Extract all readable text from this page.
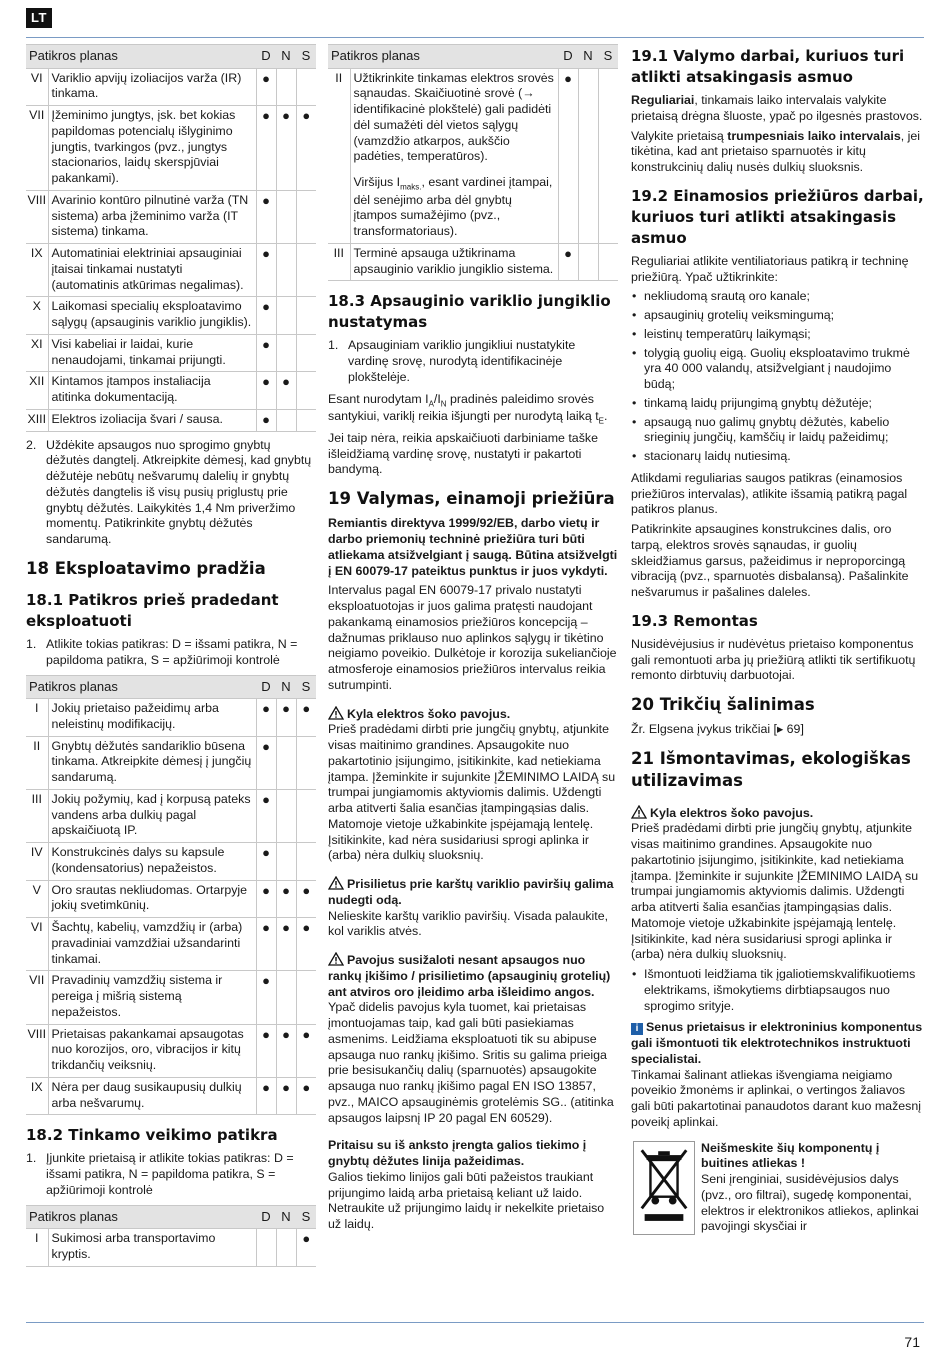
LT
Patikros planas		D	N	S
VI	Variklio apvijų izoliacijos varža (IR) tinkama.	●		
VII	Įžeminimo jungtys, įsk. bet kokias papildomas potencialų išlyginimo jungtis, tvarkingos (pvz., jungtys stacionarios, laidų skerspjūviai pakankami).	●	●	●
VIII	Avarinio kontūro pilnutinė varža (TN sistema) arba įžeminimo varža (IT sistema) tinkama.	●		
IX	Automatiniai elektriniai apsauginiai įtaisai tinkamai nustatyti (automatinis atkūrimas negalimas).	●		
X	Laikomasi specialių eksploatavimo sąlygų (apsauginis variklio jungiklis).	●		
XI	Visi kabeliai ir laidai, kurie nenaudojami, tinkamai prijungti.	●		
XII	Kintamos įtampos instaliacija atitinka dokumentaciją.	●	●	
XIII	Elektros izoliacija švari / sausa.	●		
2. Uždėkite apsaugos nuo sprogimo gnybtų dėžutės dangtelį. Atkreipkite dėmesį, kad gnybtų dėžutėje nebūtų nešvarumų dalelių ir gnybtų dėžutės dangtelis iš visų pusių priglustų prie gnybtų dėžutės. Laikykitės 1,4 Nm priveržimo momentų. Patikrinkite gnybtų dėžutės sandarumą.
18 Eksploatavimo pradžia
18.1 Patikros prieš pradedant eksploatuoti
1. Atlikite tokias patikras: D = išsami patikra, N = papildoma patikra, S = apžiūrimoji kontrolė
Patikros planas		D	N	S
I	Jokių prietaiso pažeidimų arba neleistinų modifikacijų.	●	●	●
II	Gnybtų dėžutės sandariklio būsena tinkama. Atkreipkite dėmesį į jungčių sandarumą.	●		
III	Jokių požymių, kad į korpusą pateks vandens arba dulkių pagal apskaičiuotą IP.	●		
IV	Konstrukcinės dalys su kapsule (kondensatorius) nepažeistos.	●		
V	Oro srautas nekliudomas. Ortarpyje jokių svetimkūnių.	●	●	●
VI	Šachtų, kabelių, vamzdžių ir (arba) pravadiniai vamzdžiai užsandarinti tinkamai.	●	●	●
VII	Pravadinių vamzdžių sistema ir pereiga į mišrią sistemą nepažeistos.	●		
VIII	Prietaisas pakankamai apsaugotas nuo korozijos, oro, vibracijos ir kitų trikdančių veiksnių.	●	●	●
IX	Nėra per daug susikaupusių dulkių arba nešvarumų.	●	●	●
18.2 Tinkamo veikimo patikra
1. Įjunkite prietaisą ir atlikite tokias patikras: D = išsami patikra, N = papildoma patikra, S = apžiūrimoji kontrolė
Patikros planas		D	N	S
I	Sukimosi arba transportavimo kryptis.			●
Patikros planas		D	N	S
II	Užtikrinkite tinkamas elektros srovės sąnaudas. Skaičiuotinė srovė (→ identifikacinė plokštelė) gali padidėti dėl sumažėti dėl vietos sąlygų (vamzdžio atkarpos, aukščio padėties, temperatūros).

Viršijus $I_{maks.}$, esant vardinei įtampai, dėl senėjimo arba dėl gnybtų įtampos sumažėjimo (pvz., transformatoriaus).	●		
III	Terminė apsauga užtikrinama apsauginio variklio jungiklio sistema.	●		
18.3 Apsauginio variklio jungiklio nustatymas
1. Apsauginiam variklio jungikliui nustatykite vardinę srovę, nurodytą identifikacinėje plokštelėje.

Esant nurodytam $I_A/I_N$ pradinės paleidimo srovės santykiui, variklį reikia išjungti per nurodytą laiką $t_E$.

Jei taip nėra, reikia apskaičiuoti darbiniame taške išleidžiamą vardinę srovę, nustatyti ir pakartoti bandymą.

19 Valymas, einamoji priežiūra

Remiantis direktyva 1999/92/EB, darbo vietų ir darbo priemonių techninė priežiūra turi būti atliekama atsižvelgiant į saugą. Būtina atsižvelgti į EN 60079-17 pateiktus punktus ir juos vykdyti.

Intervalus pagal EN 60079-17 privalo nustatyti eksploatuotojas ir juos galima pratęsti naudojant pakankamą einamosios priežiūros koncepciją – dažnumas priklauso nuo aplinkos sąlygų ir tikėtino neigiamo poveikio. Dulkėtoje ir korozija sukeliančioje atmosferoje einamosios priežiūros intervalus reikia sutrumpinti.

Kyla elektros šoko pavojus.

Prieš pradėdami dirbti prie jungčių gnybtų, atjunkite visas maitinimo grandines. Apsaugokite nuo pakartotinio įsijungimo, įsitikinkite, kad netiekiama įtampa. Įžeminkite ir sujunkite ĮŽEMINIMO LAIDĄ su trumpai jungiamomis aktyviomis dalimis. Uždengti arba atitverti šalia esančias įtampingąsias dalis. Matomoje vietoje užkabinkite įspėjamąją lentelę. Įsitikinkite, kad nėra susidariusi sprogi aplinka ir (arba) nėra dulkių sluoksnių.

Prisilietus prie karštų variklio paviršių galima nudegti odą.

Nelieskite karštų variklio paviršių. Visada palaukite, kol variklis atvės.

Pavojus susižaloti nesant apsaugos nuo rankų įkišimo / prisilietimo (apsauginių grotelių) ant atviros oro įleidimo arba išleidimo angos.

Ypač didelis pavojus kyla tuomet, kai prietaisas įmontuojamas taip, kad gali būti pasiekiamas asmenims. Leidžiama eksploatuoti tik su abipuse apsauga nuo rankų įkišimo. Sritis su galima prieiga prie besisukančių dalių (sparnuotės) apsaugokite apsauga nuo rankų įkišimo pagal EN ISO 13857, pvz., MAICO apsauginėmis grotelėmis SG.. (atitinka apsaugos laipsnį IP 20 pagal EN 60529).

Pritaisu su iš anksto įrengta galios tiekimo į gnybtų dėžutes linija pažeidimas.

Galios tiekimo linijos gali būti pažeistos traukiant prijungimo laidą arba prietaisą keliant už laido. Netraukite už prijungimo laidų ir nekelkite prietaiso už laidų.

19.1 Valymo darbai, kuriuos turi atlikti atsakingasis asmuo

Reguliariai, tinkamais laiko intervalais valykite prietaisą drėgna šluoste, ypač po ilgesnės prastovos.

Valykite prietaisą trumpesniais laiko intervalais, jei tikėtina, kad ant prietaiso sparnuotės ir kitų konstrukcinių dalių nusės dulkių sluoksnis.

19.2 Einamosios priežiūros darbai, kuriuos turi atlikti atsakingasis asmuo

Reguliariai atlikite ventiliatoriaus patikrą ir techninę priežiūrą. Ypač užtikrinkite:

• nekliudomą srautą oro kanale;
• apsauginių grotelių veiksmingumą;
• leistinų temperatūrų laikymąsi;
• tolygią guolių eigą. Guolių eksploatavimo trukmė yra 40 000 valandų, atsižvelgiant į naudojimo būdą;
• tinkamą laidų prijungimą gnybtų dėžutėje;
• apsaugą nuo galimų gnybtų dėžutės, kabelio srieginių jungčių, kamščių ir laidų pažeidimų;
• stacionarų laidų nutiesimą.

Atlikdami reguliarias saugos patikras (einamosios priežiūros intervalas), atlikite išsamią patikrą pagal patikros planus.

Patikrinkite apsaugines konstrukcines dalis, oro tarpą, elektros srovės sąnaudas, ir guolių skleidžiamus garsus, pažeidimus ir neproporcingą vibraciją (pvz., sparnuotės disbalansą). Pašalinkite nešvarumus ir pašalines daleles.

19.3 Remontas

Nusidėvėjusius ir nudėvėtus prietaiso komponentus gali remontuoti arba jų priežiūrą atlikti tik sertifikuotų remonto dirbtuvių darbuotojai.

20 Trikčių šalinimas

Žr. Elgsena įvykus trikčiai [▸ 69]

21 Išmontavimas, ekologiškas utilizavimas
Kyla elektros šoko pavojus.

Prieš pradėdami dirbti prie jungčių gnybtų, atjunkite visas maitinimo grandines. Apsaugokite nuo pakartotinio įsijungimo, įsitikinkite, kad netiekiama įtampa. Įžeminkite ir sujunkite ĮŽEMINIMO LAIDĄ su trumpai jungiamomis aktyviomis dalimis. Uždengti arba atitverti šalia esančias įtampingąsias dalis. Matomoje vietoje užkabinkite įspėjamąją lentelę. Įsitikinkite, kad nėra susidariusi sprogi aplinka ir (arba) nėra dulkių sluoksnių.

• Išmontuoti leidžiama tik įgaliotiemskvalifikuotiems elektrikams, išmokytiems dirbtiapsaugos nuo sprogimo srityje.
i Senus prietaisus ir elektroninius komponentus gali išmontuoti tik elektrotechnikos instruktuoti specialistai.

Tinkamai šalinant atliekas išvengiama neigiamo poveikio žmonėms ir aplinkai, o vertingos žaliavos gali būti pakartotinai panaudotos darant kuo mažesnį poveikį aplinkai.

Neišmeskite šių komponentų į buitines atliekas !

Seni įrenginiai, susidėvėjusios dalys (pvz., oro filtrai), sugedę komponentai, elektros ir elektronikos atliekos, aplinkai pavojingi skysčiai ir

71
